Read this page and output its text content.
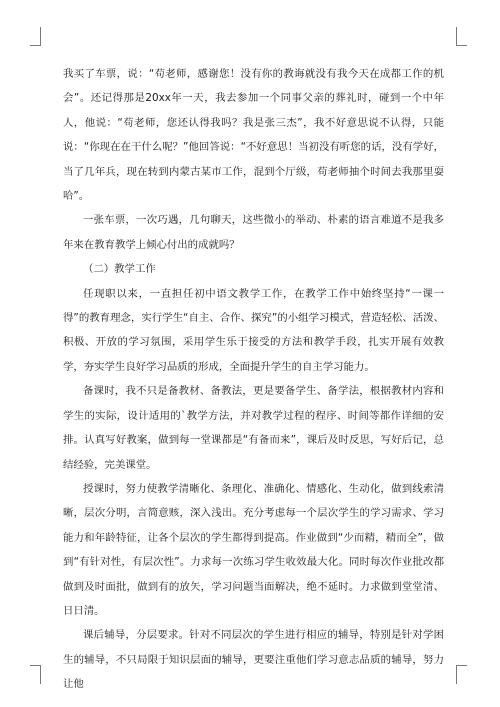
我买了车票，说：“苟老师，感谢您！没有你的教诲就没有我今天在成都工作的机会”。还记得那是20xx年一天，我去参加一个同事父亲的葬礼时，碰到一个中年人，他说：“苟老师，您还认得我吗？我是张三杰”，我不好意思说不认得，只能说：“你现在在干什么呢？”他回答说：“不好意思！当初没有听您的话，没有学好，当了几年兵，现在转到内蒙古某市工作，混到个厅级，苟老师抽个时间去我那里耍哈”。

一张车票，一次巧遇，几句聊天，这些微小的举动、朴素的语言难道不是我多年来在教育教学上倾心付出的成就吗？

（二）教学工作

任现职以来，一直担任初中语文教学工作，在教学工作中始终坚持“一课一得”的教育理念，实行学生“自主、合作、探究”的小组学习模式，营造轻松、活泼、积极、开放的学习氛围，采用学生乐于接受的方法和教学手段，扎实开展有效教学，夯实学生良好学习品质的形成，全面提升学生的自主学习能力。

备课时，我不只是备教材、备教法，更是要备学生、备学法，根据教材内容和学生的实际，设计适用的`教学方法，并对教学过程的程序、时间等都作详细的安排。认真写好教案，做到每一堂课都是“有备而来”，课后及时反思，写好后记，总结经验，完美课堂。

授课时，努力使教学清晰化、条理化、准确化、情感化、生动化，做到线索清晰，层次分明，言简意赅，深入浅出。充分考虑每一个层次学生的学习需求、学习能力和年龄特征，让各个层次的学生都得到提高。作业做到“少而精，精而全”，做到“有针对性，有层次性”。力求每一次练习学生收效最大化。同时每次作业批改都做到及时面批，做到有的放矢，学习问题当面解决，绝不延时。力求做到堂堂清、日日清。

课后辅导，分层要求。针对不同层次的学生进行相应的辅导，特别是针对学困生的辅导，不只局限于知识层面的辅导，更要注重他们学习意志品质的辅导，努力让他
